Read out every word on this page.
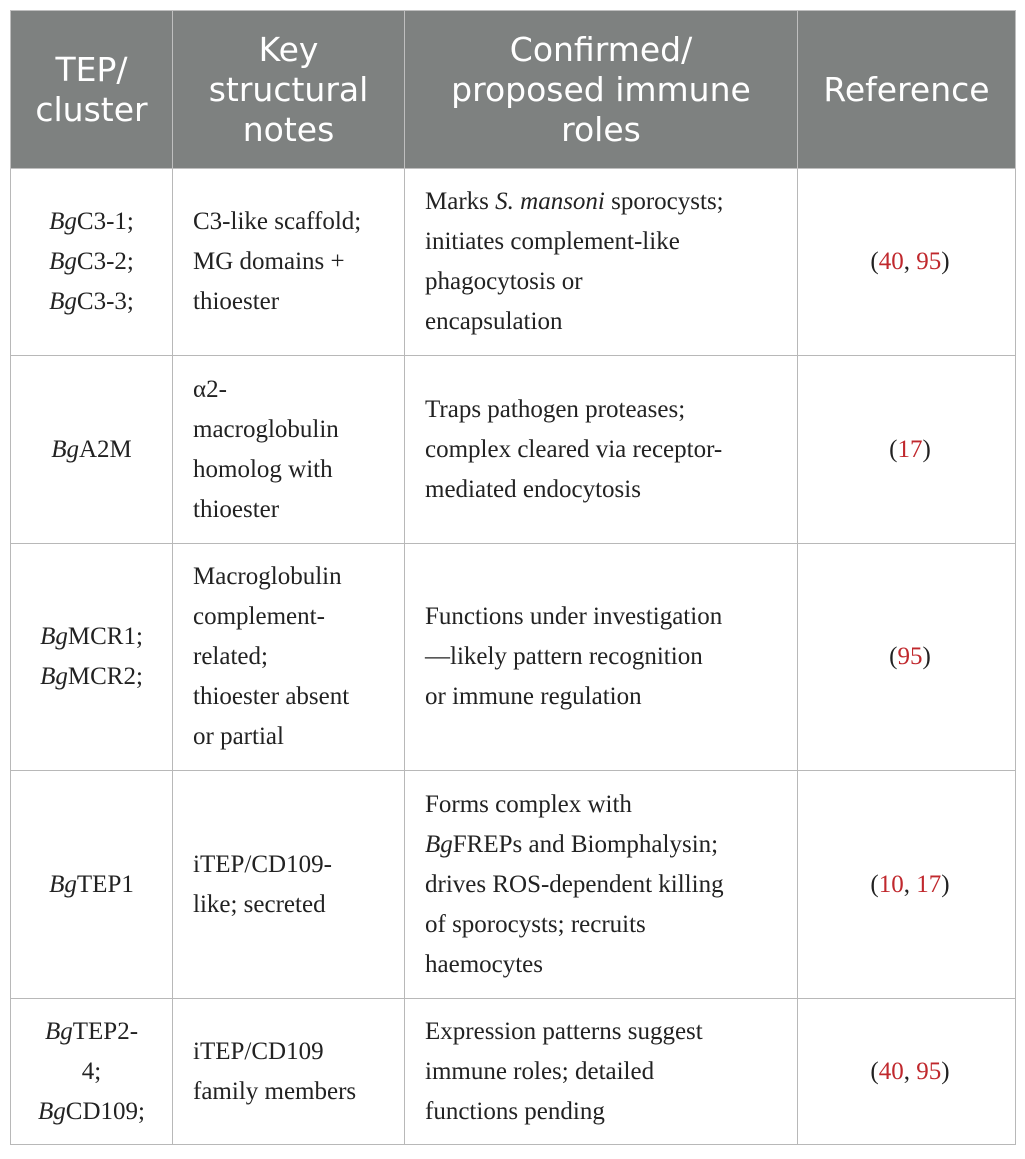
TEP/
cluster	Key
structural
notes	Confirmed/
proposed immune
roles	Reference

BgC3-1;
BgC3-2;
BgC3-3;	C3-like scaffold;
MG domains +
thioester	Marks S. mansoni sporocysts;
initiates complement-like
phagocytosis or
encapsulation	(40, 95)

BgA2M	α2-
macroglobulin
homolog with
thioester	Traps pathogen proteases;
complex cleared via receptor-
mediated endocytosis	(17)

BgMCR1;
BgMCR2;	Macroglobulin
complement-
related;
thioester absent
or partial	Functions under investigation
—likely pattern recognition
or immune regulation	(95)

BgTEP1	iTEP/CD109-
like; secreted	Forms complex with
BgFREPs and Biomphalysin;
drives ROS-dependent killing
of sporocysts; recruits
haemocytes	(10, 17)

BgTEP2-
4;
BgCD109;	iTEP/CD109
family members	Expression patterns suggest
immune roles; detailed
functions pending	(40, 95)
